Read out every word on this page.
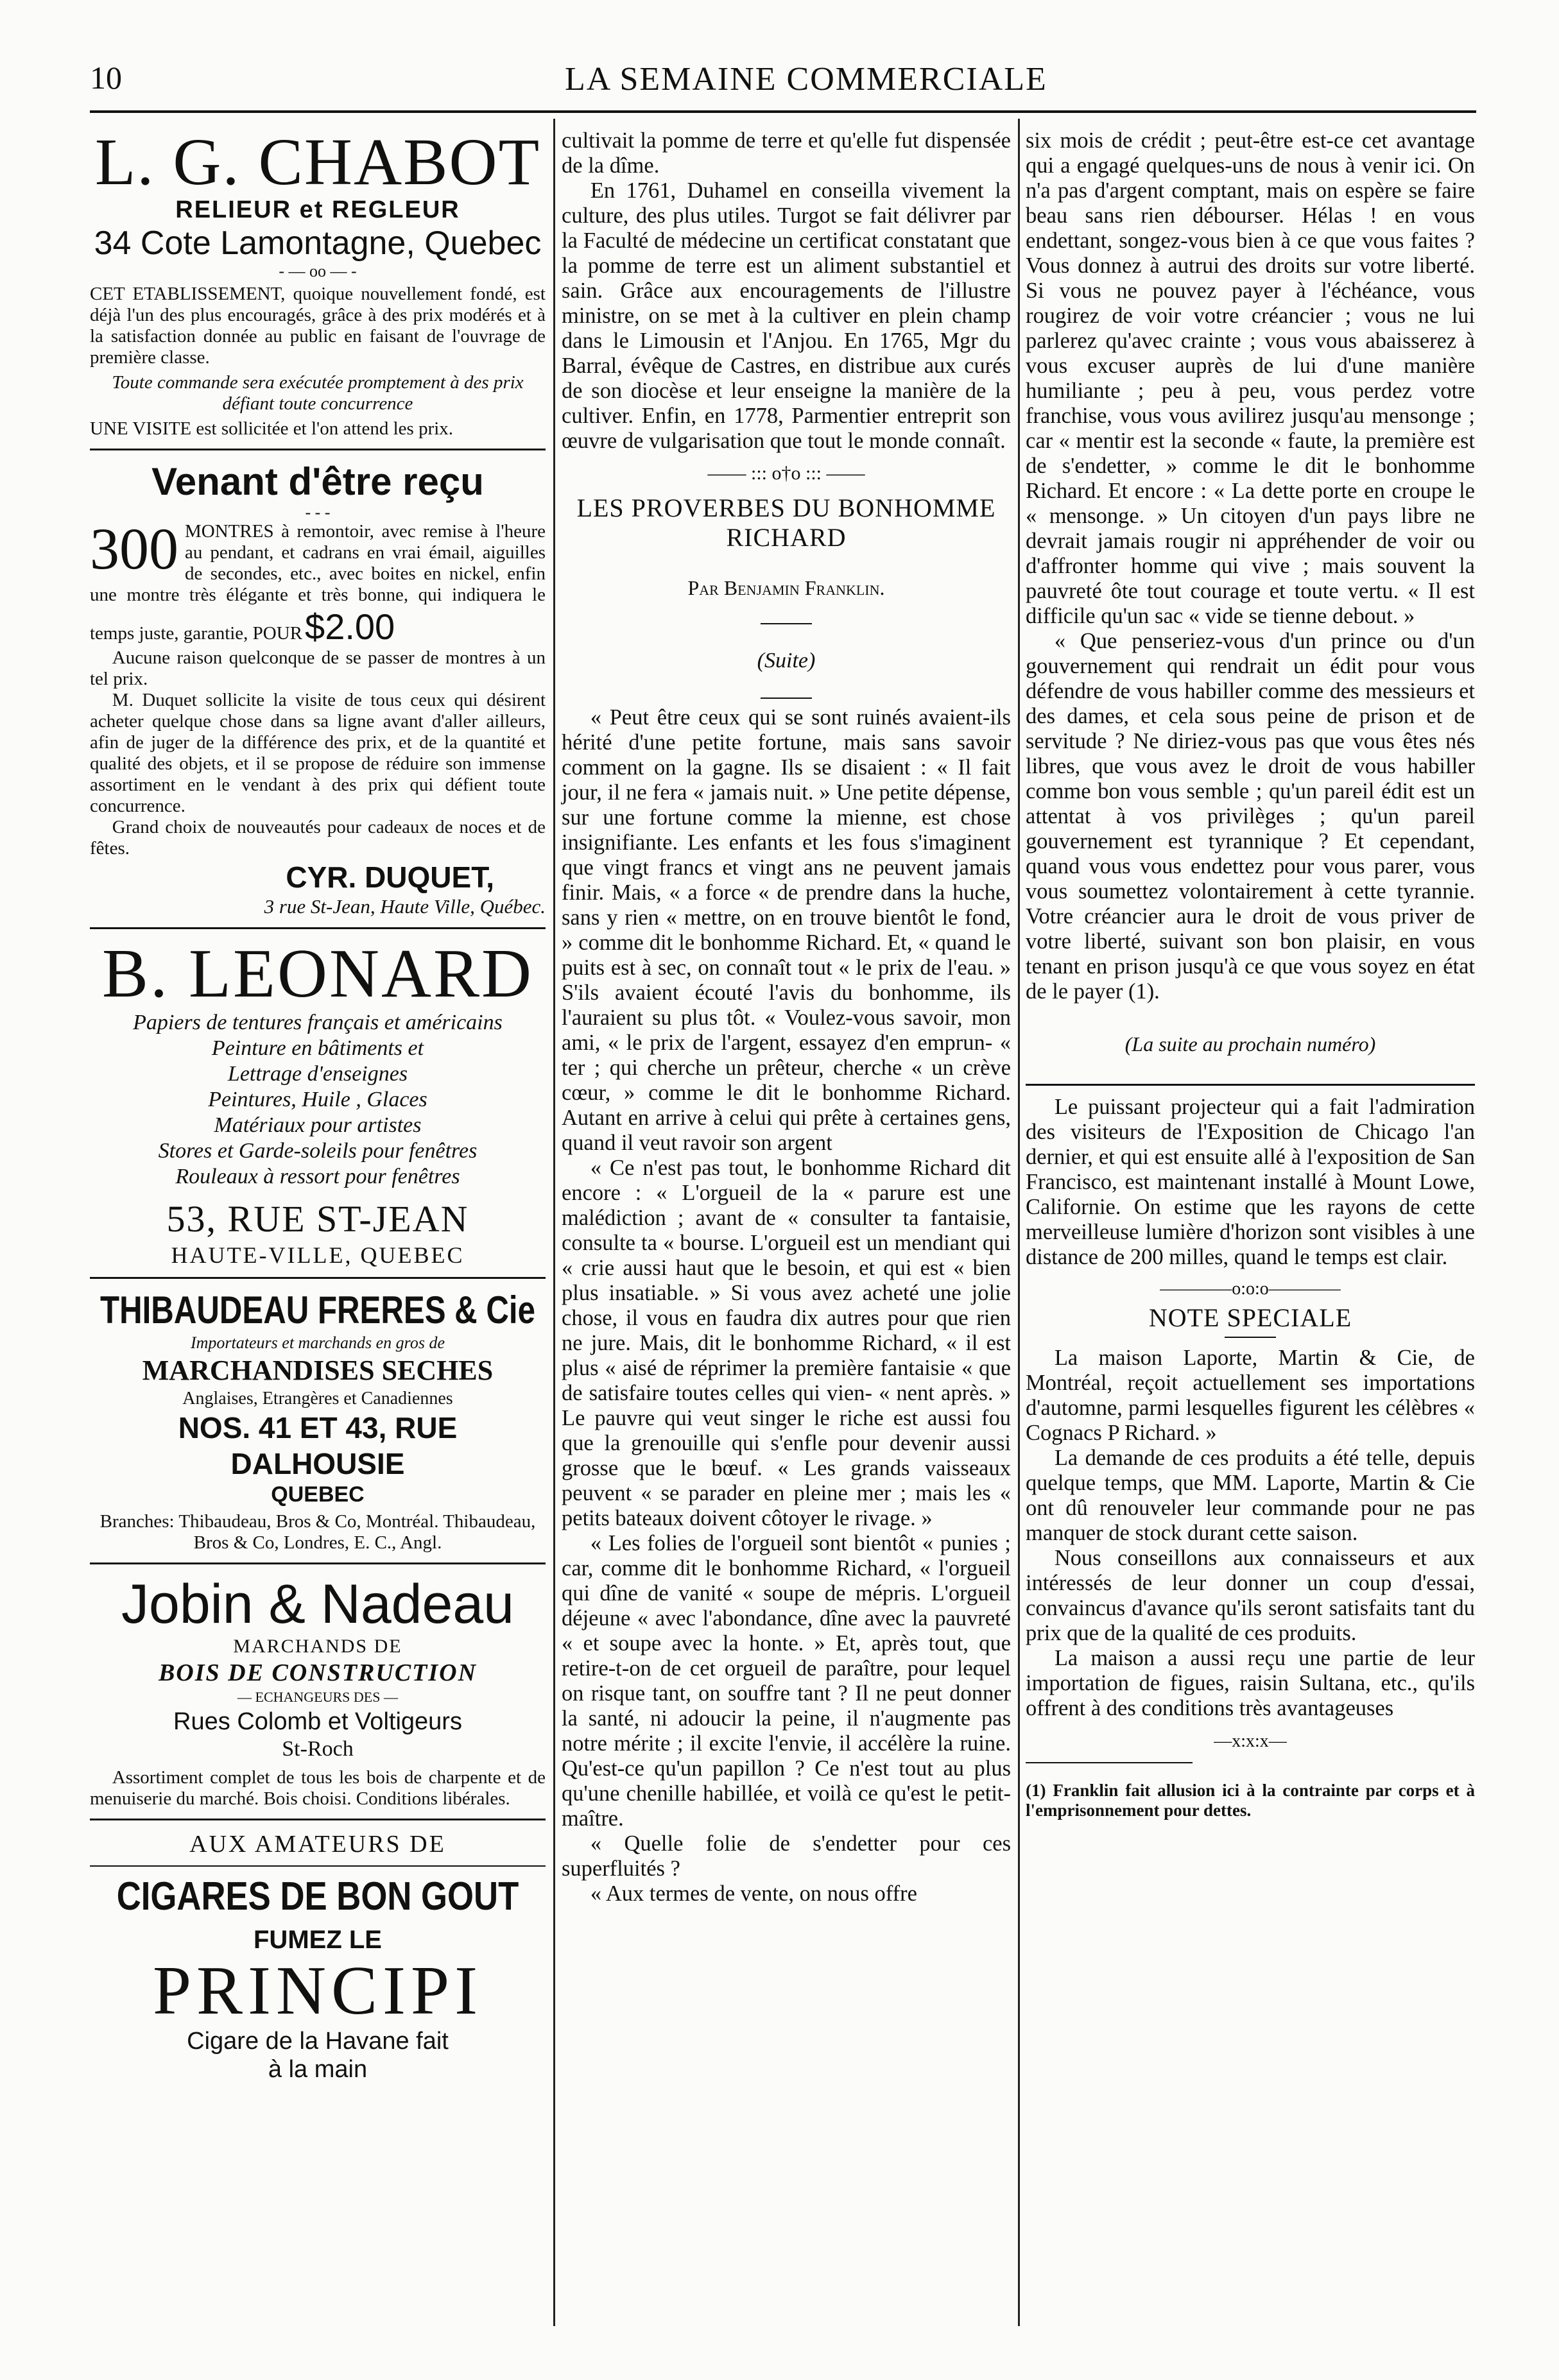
10	LA SEMAINE COMMERCIALE

L. G. CHABOT

RELIEUR et REGLEUR

34 Cote Lamontagne, Quebec

- — oo — -

CET ETABLISSEMENT, quoique nouvellement fondé, est déjà l'un des plus encouragés, grâce à des prix modérés et à la satisfaction donnée au public en faisant de l'ouvrage de première classe.

Toute commande sera exécutée promptement à des prix défiant toute concurrence

UNE VISITE est sollicitée et l'on attend les prix.

Venant d'être reçu

- - -

300 MONTRES à remontoir, avec remise à l'heure au pendant, et cadrans en vrai émail, aiguilles de secondes, etc., avec boites en nickel, enfin une montre très élégante et très bonne, qui indiquera le temps juste, garantie, POUR $2.00

Aucune raison quelconque de se passer de montres à un tel prix.

M. Duquet sollicite la visite de tous ceux qui désirent acheter quelque chose dans sa ligne avant d'aller ailleurs, afin de juger de la différence des prix, et de la quantité et qualité des objets, et il se propose de réduire son immense assortiment en le vendant à des prix qui défient toute concurrence.

Grand choix de nouveautés pour cadeaux de noces et de fêtes.

CYR. DUQUET,

3 rue St-Jean, Haute Ville, Québec.

B. LEONARD

Papiers de tentures français et américains

Peinture en bâtiments et

Lettrage d'enseignes

Peintures, Huile , Glaces

Matériaux pour artistes

Stores et Garde-soleils pour fenêtres

Rouleaux à ressort pour fenêtres

53, RUE ST-JEAN

HAUTE-VILLE, QUEBEC

THIBAUDEAU FRERES & Cie

Importateurs et marchands en gros de

MARCHANDISES SECHES

Anglaises, Etrangères et Canadiennes

NOS. 41 ET 43, RUE DALHOUSIE

QUEBEC

Branches: Thibaudeau, Bros & Co, Montréal. Thibaudeau, Bros & Co, Londres, E. C., Angl.

Jobin & Nadeau

MARCHANDS DE

BOIS DE CONSTRUCTION

— ECHANGEURS DES —

Rues Colomb et Voltigeurs

St-Roch

Assortiment complet de tous les bois de charpente et de menuiserie du marché. Bois choisi. Conditions libérales.

AUX AMATEURS DE

CIGARES DE BON GOUT

FUMEZ LE

PRINCIPI

Cigare de la Havane fait

à la main

cultivait la pomme de terre et qu'elle fut dispensée de la dîme.

En 1761, Duhamel en conseilla vivement la culture, des plus utiles. Turgot se fait délivrer par la Faculté de médecine un certificat constatant que la pomme de terre est un aliment substantiel et sain. Grâce aux encouragements de l'illustre ministre, on se met à la cultiver en plein champ dans le Limousin et l'Anjou. En 1765, Mgr du Barral, évêque de Castres, en distribue aux curés de son diocèse et leur enseigne la manière de la cultiver. Enfin, en 1778, Parmentier entreprit son œuvre de vulgarisation que tout le monde connaît.

—— ::: o†o ::: ——

LES PROVERBES DU BONHOMME RICHARD

Par Benjamin Franklin.

(Suite)

« Peut être ceux qui se sont ruinés avaient-ils hérité d'une petite fortune, mais sans savoir comment on la gagne. Ils se disaient : « Il fait jour, il ne fera « jamais nuit. » Une petite dépense, sur une fortune comme la mienne, est chose insignifiante. Les enfants et les fous s'imaginent que vingt francs et vingt ans ne peuvent jamais finir. Mais, « a force « de prendre dans la huche, sans y rien « mettre, on en trouve bientôt le fond, » comme dit le bonhomme Richard. Et, « quand le puits est à sec, on connaît tout « le prix de l'eau. » S'ils avaient écouté l'avis du bonhomme, ils l'auraient su plus tôt. « Voulez-vous savoir, mon ami, « le prix de l'argent, essayez d'en emprun- « ter ; qui cherche un prêteur, cherche « un crève cœur, » comme le dit le bonhomme Richard. Autant en arrive à celui qui prête à certaines gens, quand il veut ravoir son argent

« Ce n'est pas tout, le bonhomme Richard dit encore : « L'orgueil de la « parure est une malédiction ; avant de « consulter ta fantaisie, consulte ta « bourse. L'orgueil est un mendiant qui « crie aussi haut que le besoin, et qui est « bien plus insatiable. » Si vous avez acheté une jolie chose, il vous en faudra dix autres pour que rien ne jure. Mais, dit le bonhomme Richard, « il est plus « aisé de réprimer la première fantaisie « que de satisfaire toutes celles qui vien- « nent après. » Le pauvre qui veut singer le riche est aussi fou que la grenouille qui s'enfle pour devenir aussi grosse que le bœuf. « Les grands vaisseaux peuvent « se parader en pleine mer ; mais les « petits bateaux doivent côtoyer le rivage. »

« Les folies de l'orgueil sont bientôt « punies ; car, comme dit le bonhomme Richard, « l'orgueil qui dîne de vanité « soupe de mépris. L'orgueil déjeune « avec l'abondance, dîne avec la pauvreté « et soupe avec la honte. » Et, après tout, que retire-t-on de cet orgueil de paraître, pour lequel on risque tant, on souffre tant ? Il ne peut donner la santé, ni adoucir la peine, il n'augmente pas notre mérite ; il excite l'envie, il accélère la ruine. Qu'est-ce qu'un papillon ? Ce n'est tout au plus qu'une chenille habillée, et voilà ce qu'est le petit-maître.

« Quelle folie de s'endetter pour ces superfluités ?

« Aux termes de vente, on nous offre

six mois de crédit ; peut-être est-ce cet avantage qui a engagé quelques-uns de nous à venir ici. On n'a pas d'argent comptant, mais on espère se faire beau sans rien débourser. Hélas ! en vous endettant, songez-vous bien à ce que vous faites ? Vous donnez à autrui des droits sur votre liberté. Si vous ne pouvez payer à l'échéance, vous rougirez de voir votre créancier ; vous ne lui parlerez qu'avec crainte ; vous vous abaisserez à vous excuser auprès de lui d'une manière humiliante ; peu à peu, vous perdez votre franchise, vous vous avilirez jusqu'au mensonge ; car « mentir est la seconde « faute, la première est de s'endetter, » comme le dit le bonhomme Richard. Et encore : « La dette porte en croupe le « mensonge. » Un citoyen d'un pays libre ne devrait jamais rougir ni appréhender de voir ou d'affronter homme qui vive ; mais souvent la pauvreté ôte tout courage et toute vertu. « Il est difficile qu'un sac « vide se tienne debout. »

« Que penseriez-vous d'un prince ou d'un gouvernement qui rendrait un édit pour vous défendre de vous habiller comme des messieurs et des dames, et cela sous peine de prison et de servitude ? Ne diriez-vous pas que vous êtes nés libres, que vous avez le droit de vous habiller comme bon vous semble ; qu'un pareil édit est un attentat à vos privilèges ; qu'un pareil gouvernement est tyrannique ? Et cependant, quand vous vous endettez pour vous parer, vous vous soumettez volontairement à cette tyrannie. Votre créancier aura le droit de vous priver de votre liberté, suivant son bon plaisir, en vous tenant en prison jusqu'à ce que vous soyez en état de le payer (1).

(La suite au prochain numéro)

Le puissant projecteur qui a fait l'admiration des visiteurs de l'Exposition de Chicago l'an dernier, et qui est ensuite allé à l'exposition de San Francisco, est maintenant installé à Mount Lowe, Californie. On estime que les rayons de cette merveilleuse lumière d'horizon sont visibles à une distance de 200 milles, quand le temps est clair.

————o:o:o————

NOTE SPECIALE

La maison Laporte, Martin & Cie, de Montréal, reçoit actuellement ses importations d'automne, parmi lesquelles figurent les célèbres « Cognacs P Richard. »

La demande de ces produits a été telle, depuis quelque temps, que MM. Laporte, Martin & Cie ont dû renouveler leur commande pour ne pas manquer de stock durant cette saison.

Nous conseillons aux connaisseurs et aux intéressés de leur donner un coup d'essai, convaincus d'avance qu'ils seront satisfaits tant du prix que de la qualité de ces produits.

La maison a aussi reçu une partie de leur importation de figues, raisin Sultana, etc., qu'ils offrent à des conditions très avantageuses

—x:x:x—

(1) Franklin fait allusion ici à la contrainte par corps et à l'emprisonnement pour dettes.
